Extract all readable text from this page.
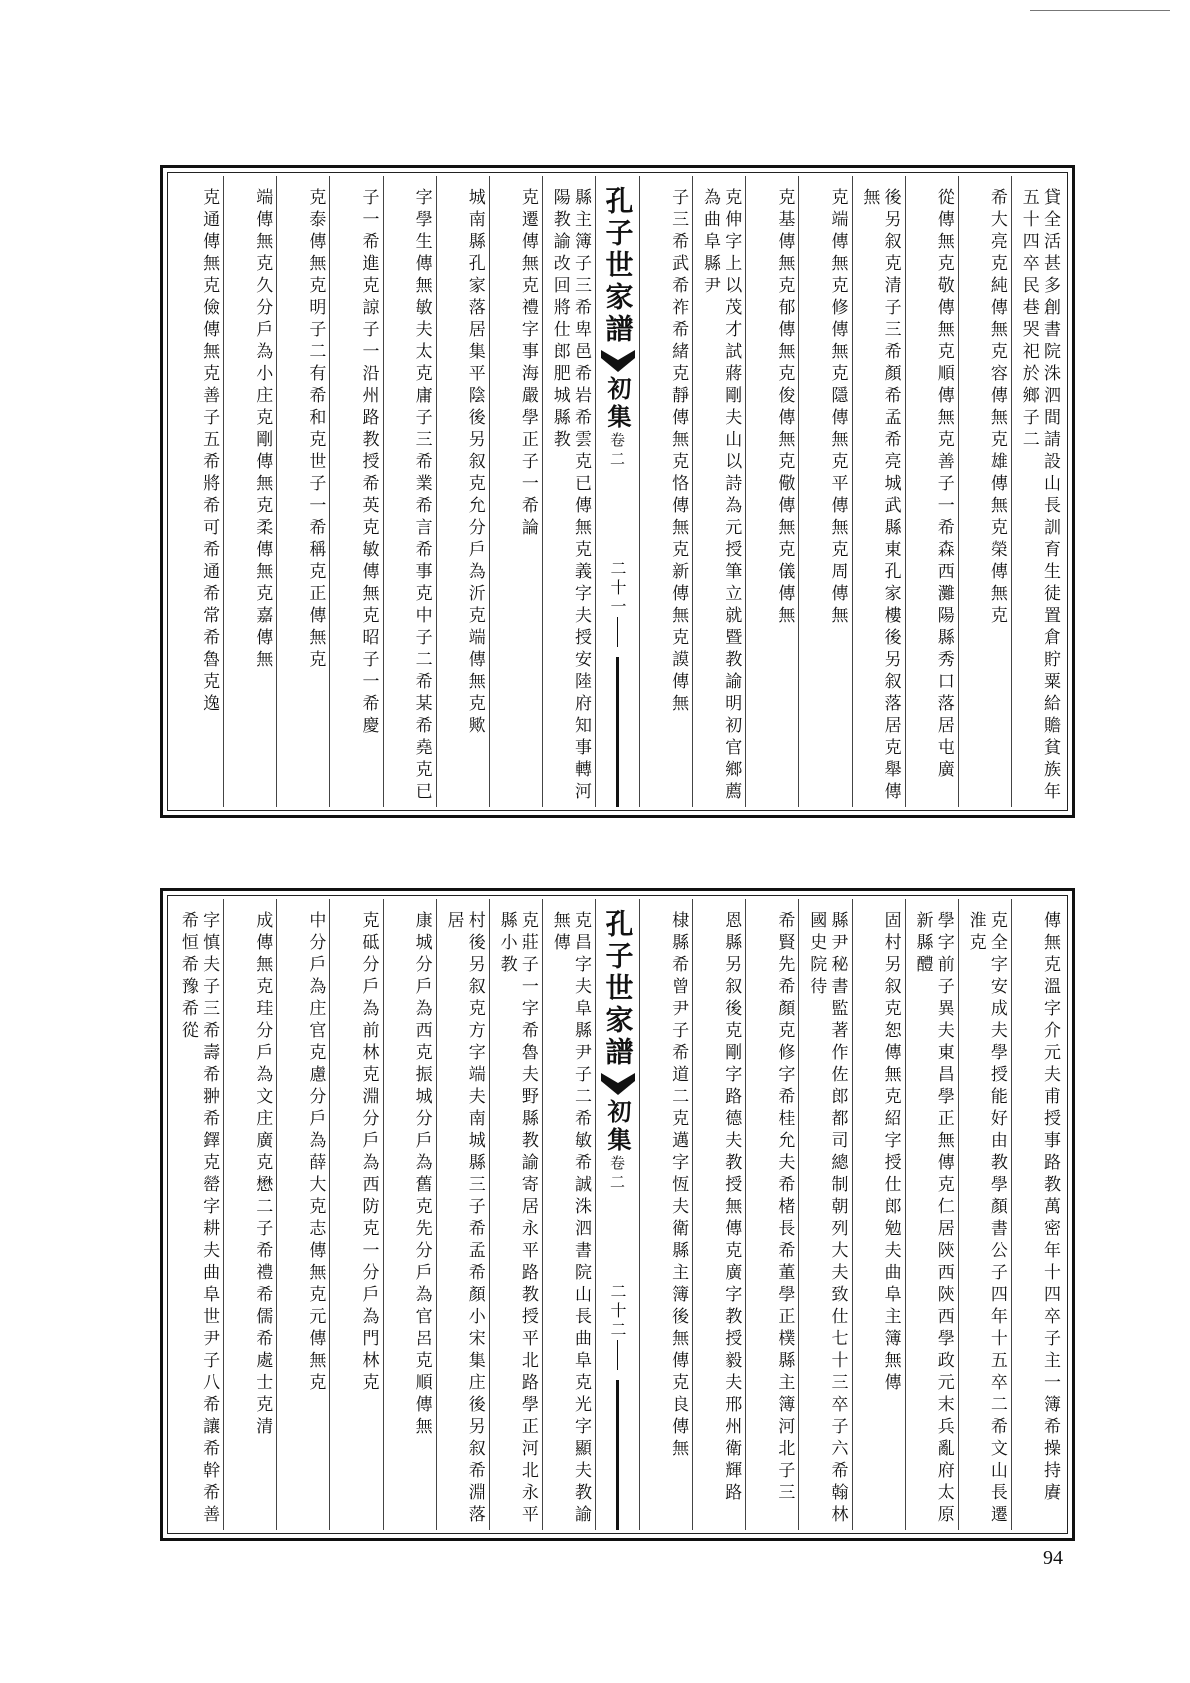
貸全活甚多創書院洙泗間請設山長訓育生徒置倉貯粟給贍貧族年五十四卒民巷哭祀於鄉子二
希大亮克純傳無克容傳無克雄傳無克榮傳無克
從傳無克敬傳無克順傳無克善子一希森西灘陽縣秀口落居屯廣
後另叙克清子三希顏希孟希亮城武縣東孔家樓後另叙落居克舉傳無
克端傳無克修傳無克隱傳無克平傳無克周傳無
克基傳無克郁傳無克俊傳無克儆傳無克儀傳無
克伸字上以茂才試蔣剛夫山以詩為元授筆立就暨教諭明初官鄉薦為曲阜縣尹
子三希武希祚希緒克靜傳無克恪傳無克新傳無克謨傳無
孔子世家譜
初集
卷二
二十一
縣主簿子三希卑邑希岩希雲克已傳無克義字夫授安陸府知事轉河陽教諭改回將仕郎肥城縣教
克遷傳無克禮字事海嚴學正子一希論
城南縣孔家落居集平陰後另叙克允分戶為沂克端傳無克歟
字學生傳無敏夫太克庸子三希業希言希事克中子二希某希堯克已
子一希進克諒子一沿州路教授希英克敏傳無克昭子一希慶
克泰傳無克明子二有希和克世子一希稱克正傳無克
端傳無克久分戶為小庄克剛傳無克柔傳無克嘉傳無
克通傳無克儉傳無克善子五希將希可希通希常希魯克逸
傳無克溫字介元夫甫授事路教萬密年十四卒子主一簿希操持賡
克全字安成夫學授能好由教學顏書公子四年十五卒二希文山長遷淮克
學字前子異夫東昌學正無傳克仁居陝西陝西學政元末兵亂府太原新縣醴
固村另叙克恕傳無克紹字授仕郎勉夫曲阜主簿無傳
縣尹秘書監著作佐郎都司總制朝列大夫致仕七十三卒子六希翰林國史院待
希賢先希顏克修字希桂允夫希楮長希董學正樸縣主簿河北子三
恩縣另叙後克剛字路德夫教授無傳克廣字教授毅夫邢州衛輝路
棣縣希曾尹子希道二克邁字恆夫衛縣主簿後無傳克良傳無
孔子世家譜
初集
卷二
二十二
克昌字夫阜縣尹子二希敏希誠洙泗書院山長曲阜克光字顯夫教諭無傳
克莊子一字希魯夫野縣教諭寄居永平路教授平北路學正河北永平縣小教
村後另叙克方字端夫南城縣三子希孟希顏小宋集庄後另叙希淵落居
康城分戶為西克振城分戶為舊克先分戶為官呂克順傳無
克砥分戶為前林克淵分戶為西防克一分戶為門林克
中分戶為庄官克慮分戶為薛大克志傳無克元傳無克
成傳無克珪分戶為文庄廣克懋二子希禮希儒希處士克清
字慎夫子三希壽希翀希鐸克罃字耕夫曲阜世尹子八希讓希幹希善希恒希豫希從
94
